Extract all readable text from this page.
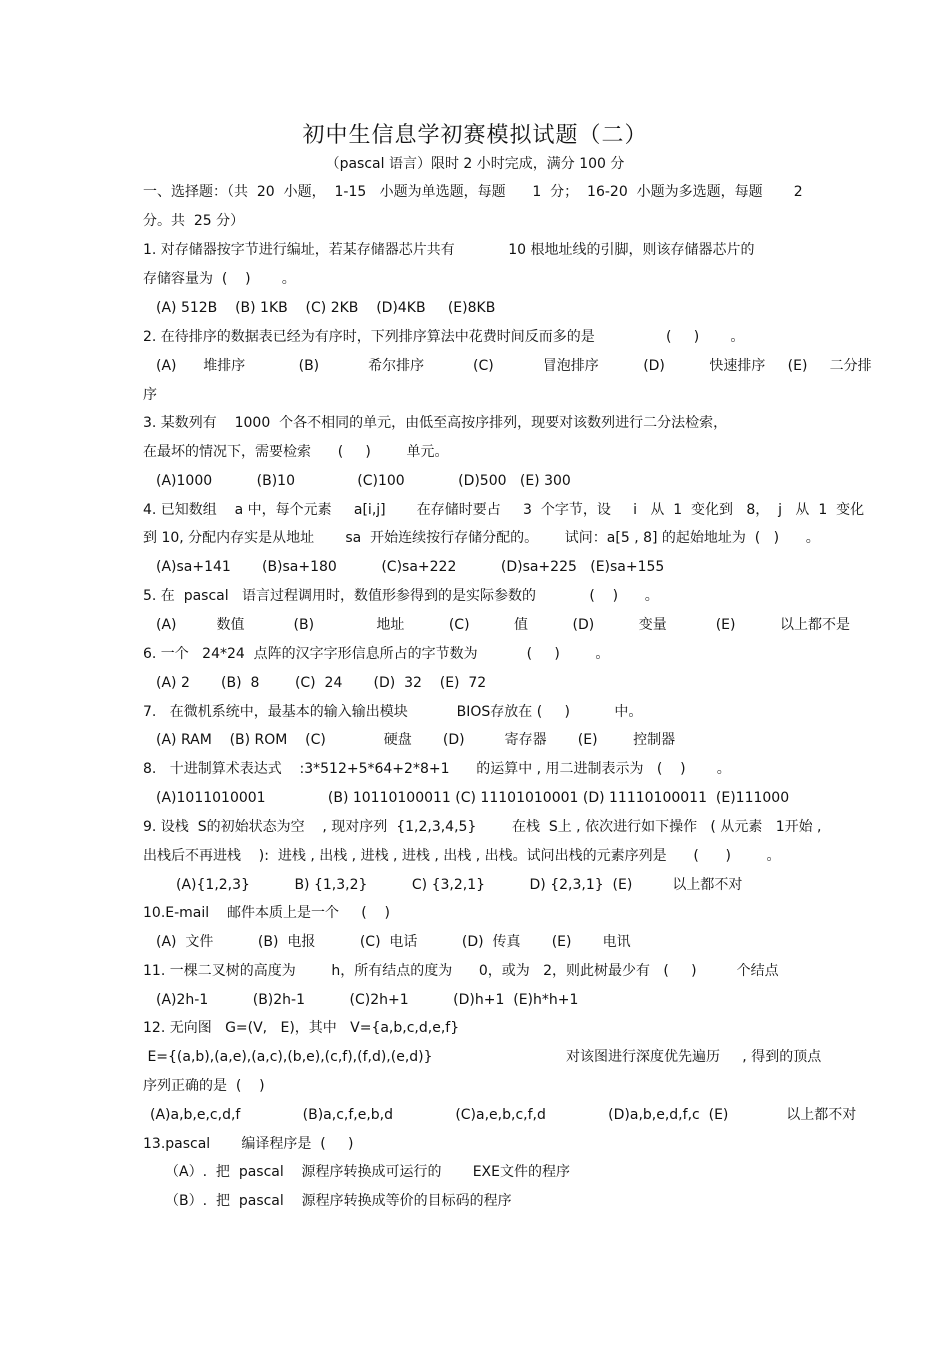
初中生信息学初赛模拟试题（二）
（pascal 语言）限时 2 小时完成，满分 100 分
一、选择题：（共  20  小题，  1-15   小题为单选题，每题      1  分；  16-20  小题为多选题，每题       2
分。共  25 分）
1. 对存储器按字节进行编址，若某存储器芯片共有            10 根地址线的引脚，则该存储器芯片的
存储容量为  (    )       。
(A) 512B    (B) 1KB    (C) 2KB    (D)4KB     (E)8KB
2. 在待排序的数据表已经为有序时，下列排序算法中花费时间反而多的是                (     )       。
(A)      堆排序            (B)           希尔排序           (C)           冒泡排序          (D)          快速排序     (E)     二分排
序
3. 某数列有    1000  个各不相同的单元，由低至高按序排列，现要对该数列进行二分法检索，
在最坏的情况下，需要检索      (     )        单元。
(A)1000          (B)10              (C)100            (D)500   (E) 300
4. 已知数组    a 中，每个元素     a[i,j]       在存储时要占     3  个字节，设     i   从  1  变化到   8，  j   从  1  变化
到 10, 分配内存实是从地址       sa  开始连续按行存储分配的。      试问：a[5 , 8] 的起始地址为  (   )      。
(A)sa+141       (B)sa+180          (C)sa+222          (D)sa+225   (E)sa+155
5. 在  pascal   语言过程调用时，数值形参得到的是实际参数的            (    )      。
(A)         数值           (B)              地址          (C)          值          (D)          变量           (E)          以上都不是
6. 一个   24*24  点阵的汉字字形信息所占的字节数为           (     )        。
(A) 2       (B)  8        (C)  24       (D)  32    (E)  72
7.   在微机系统中，最基本的输入输出模块           BIOS存放在 (     )          中。
(A) RAM    (B) ROM    (C)             硬盘       (D)         寄存器       (E)        控制器
8.   十进制算术表达式    :3*512+5*64+2*8+1      的运算中 , 用二进制表示为   (    )       。
(A)1011010001              (B) 10110100011 (C) 11101010001 (D) 11110100011  (E)111000
9. 设栈  S的初始状态为空    , 现对序列  {1,2,3,4,5}        在栈  S上 , 依次进行如下操作   ( 从元素   1开始 ,
出栈后不再进栈    ):  进栈 , 出栈 , 进栈 , 进栈 , 出栈 , 出栈。试问出栈的元素序列是      (      )        。
(A){1,2,3}          B) {1,3,2}          C) {3,2,1}          D) {2,3,1}  (E)         以上都不对
10.E-mail    邮件本质上是一个     (    )
(A)  文件          (B)  电报          (C)  电话          (D)  传真       (E)       电讯
11. 一棵二叉树的高度为        h，所有结点的度为      0，或为   2，则此树最少有   (     )         个结点
(A)2h-1          (B)2h-1          (C)2h+1          (D)h+1  (E)h*h+1
12. 无向图   G=(V,   E)，其中   V={a,b,c,d,e,f}
E={(a,b),(a,e),(a,c),(b,e),(c,f),(f,d),(e,d)}                              对该图进行深度优先遍历     , 得到的顶点
序列正确的是  (    )
(A)a,b,e,c,d,f              (B)a,c,f,e,b,d              (C)a,e,b,c,f,d              (D)a,b,e,d,f,c  (E)             以上都不对
13.pascal       编译程序是  (     )
（A）.  把  pascal    源程序转换成可运行的       EXE文件的程序
（B）.  把  pascal    源程序转换成等价的目标码的程序
